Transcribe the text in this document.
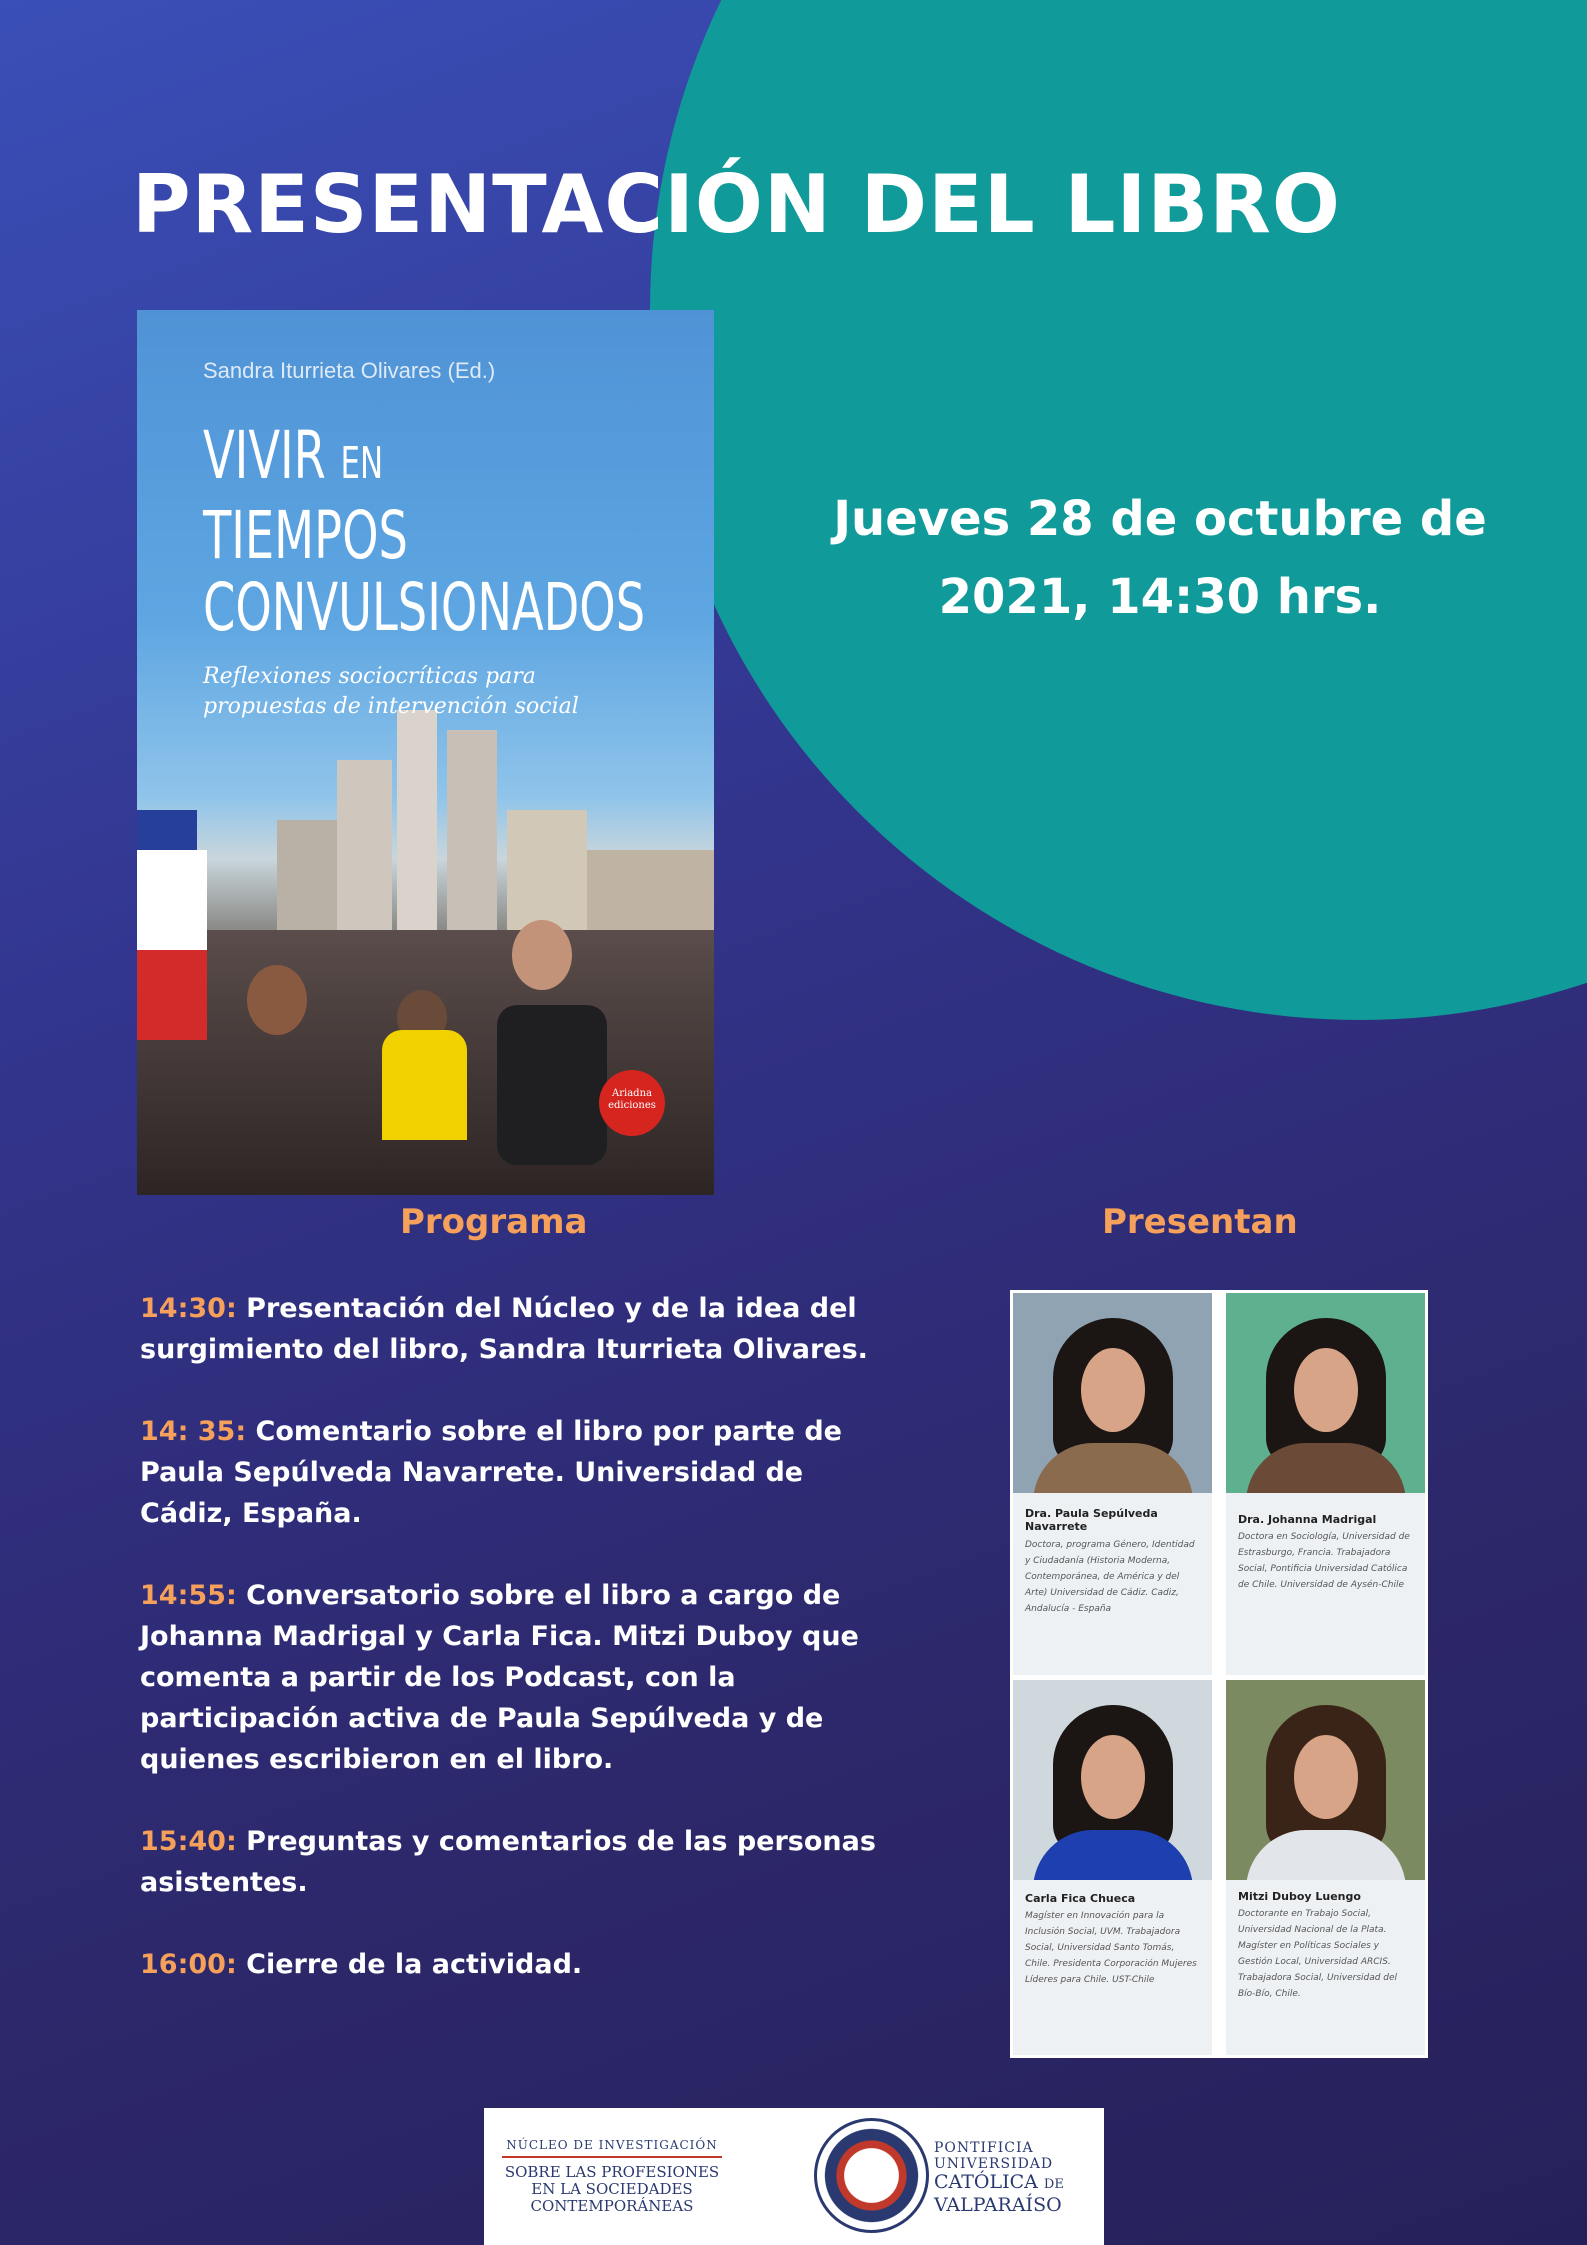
PRESENTACIÓN DEL LIBRO
Jueves 28 de octubre de
2021, 14:30 hrs.
Sandra Iturrieta Olivares (Ed.)
VIVIR EN
TIEMPOS
CONVULSIONADOS
Reflexiones sociocríticas para
propuestas de intervención social
Ariadna
ediciones
Programa
14:30: Presentación del Núcleo y de la idea del surgimiento del libro, Sandra Iturrieta Olivares.
14: 35: Comentario sobre el libro por parte de Paula Sepúlveda Navarrete. Universidad de Cádiz, España.
14:55: Conversatorio sobre el libro a cargo de Johanna Madrigal y Carla Fica. Mitzi Duboy que comenta a partir de los Podcast, con la participación activa de Paula Sepúlveda y de quienes escribieron en el libro.
15:40: Preguntas y comentarios de las personas asistentes.
16:00: Cierre de la actividad.
Presentan
Dra. Paula Sepúlveda Navarrete
Doctora, programa Género, Identidad y Ciudadanía (Historia Moderna, Contemporánea, de América y del Arte) Universidad de Cádiz. Cadiz, Andalucía - España
Dra. Johanna Madrigal
Doctora en Sociología, Universidad de Estrasburgo, Francia. Trabajadora Social, Pontificia Universidad Católica de Chile. Universidad de Aysén-Chile
Carla Fica Chueca
Magíster en Innovación para la Inclusión Social, UVM. Trabajadora Social, Universidad Santo Tomás, Chile. Presidenta Corporación Mujeres Líderes para Chile. UST-Chile
Mitzi Duboy Luengo
Doctorante en Trabajo Social, Universidad Nacional de la Plata. Magíster en Políticas Sociales y Gestión Local, Universidad ARCIS. Trabajadora Social, Universidad del Bío-Bío, Chile.
NÚCLEO DE INVESTIGACIÓN
SOBRE LAS PROFESIONES
EN LA SOCIEDADES
CONTEMPORÁNEAS
PONTIFICIA
UNIVERSIDAD
CATÓLICA DE
VALPARAÍSO
